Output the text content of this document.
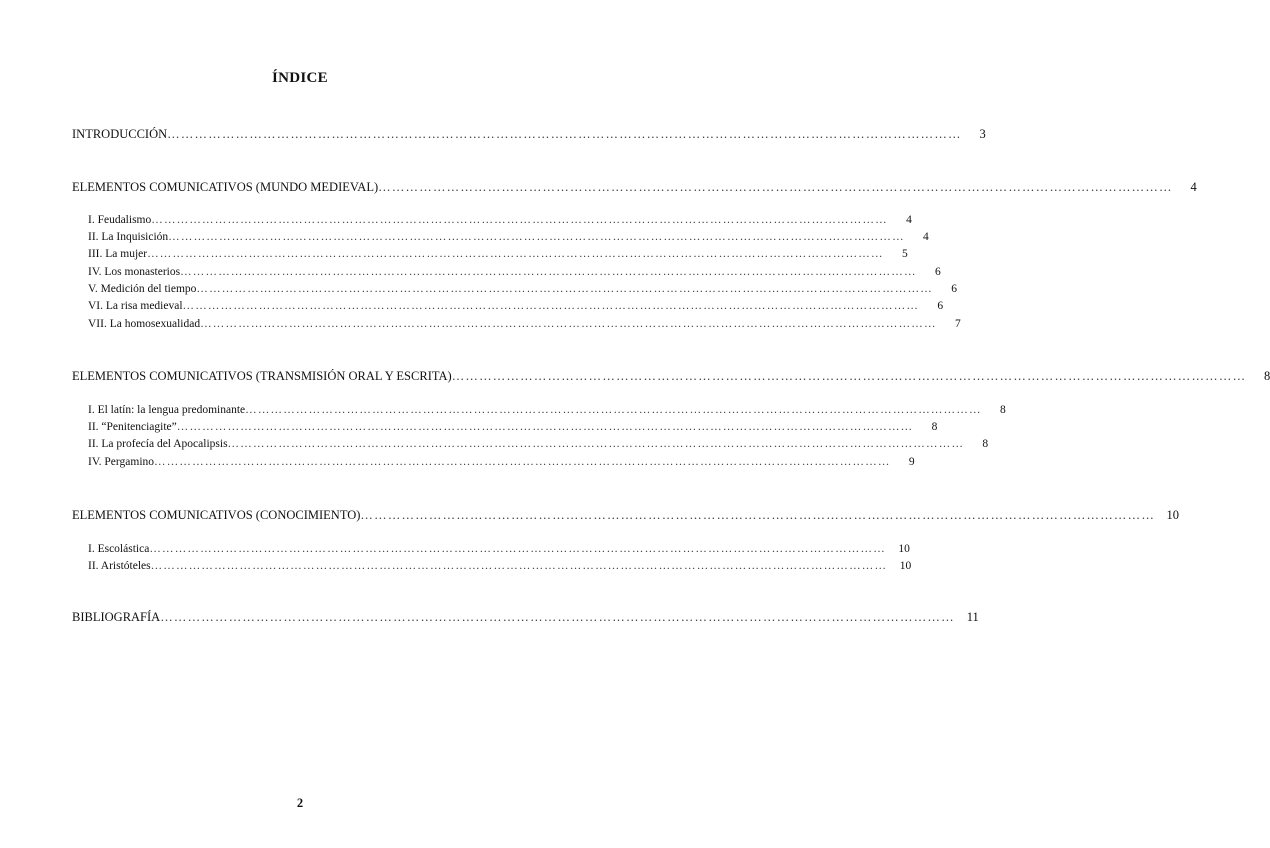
ÍNDICE
INTRODUCCIÓN …………………………………………………………………………………………………………………………………………………………	3
ELEMENTOS COMUNICATIVOS (MUNDO MEDIEVAL) …………………………………………………………………………………………………………………………………………………………	4
I. Feudalismo …………………………………………………………………………………………………………………………………………………………	4
II. La Inquisición …………………………………………………………………………………………………………………………………………………………	4
III. La mujer …………………………………………………………………………………………………………………………………………………………	5
IV. Los monasterios …………………………………………………………………………………………………………………………………………………………	6
V. Medición del tiempo …………………………………………………………………………………………………………………………………………………………	6
VI. La risa medieval …………………………………………………………………………………………………………………………………………………………	6
VII. La homosexualidad …………………………………………………………………………………………………………………………………………………………	7
ELEMENTOS COMUNICATIVOS (TRANSMISIÓN ORAL Y ESCRITA) …………………………………………………………………………………………………………………………………………………………	8
I. El latín: la lengua predominante …………………………………………………………………………………………………………………………………………………………	8
II. “Penitenciagite” …………………………………………………………………………………………………………………………………………………………	8
II. La profecía del Apocalipsis …………………………………………………………………………………………………………………………………………………………	8
IV. Pergamino …………………………………………………………………………………………………………………………………………………………	9
ELEMENTOS COMUNICATIVOS (CONOCIMIENTO) ………………………………………………………………………………………………………………………………………………………… 10
I. Escolástica …………………………………………………………………………………………………………………………………………………………	10
II. Aristóteles …………………………………………………………………………………………………………………………………………………………	10
BIBLIOGRAFÍA ………………………………………………………………………………………………………………………………………………………… 11
2
